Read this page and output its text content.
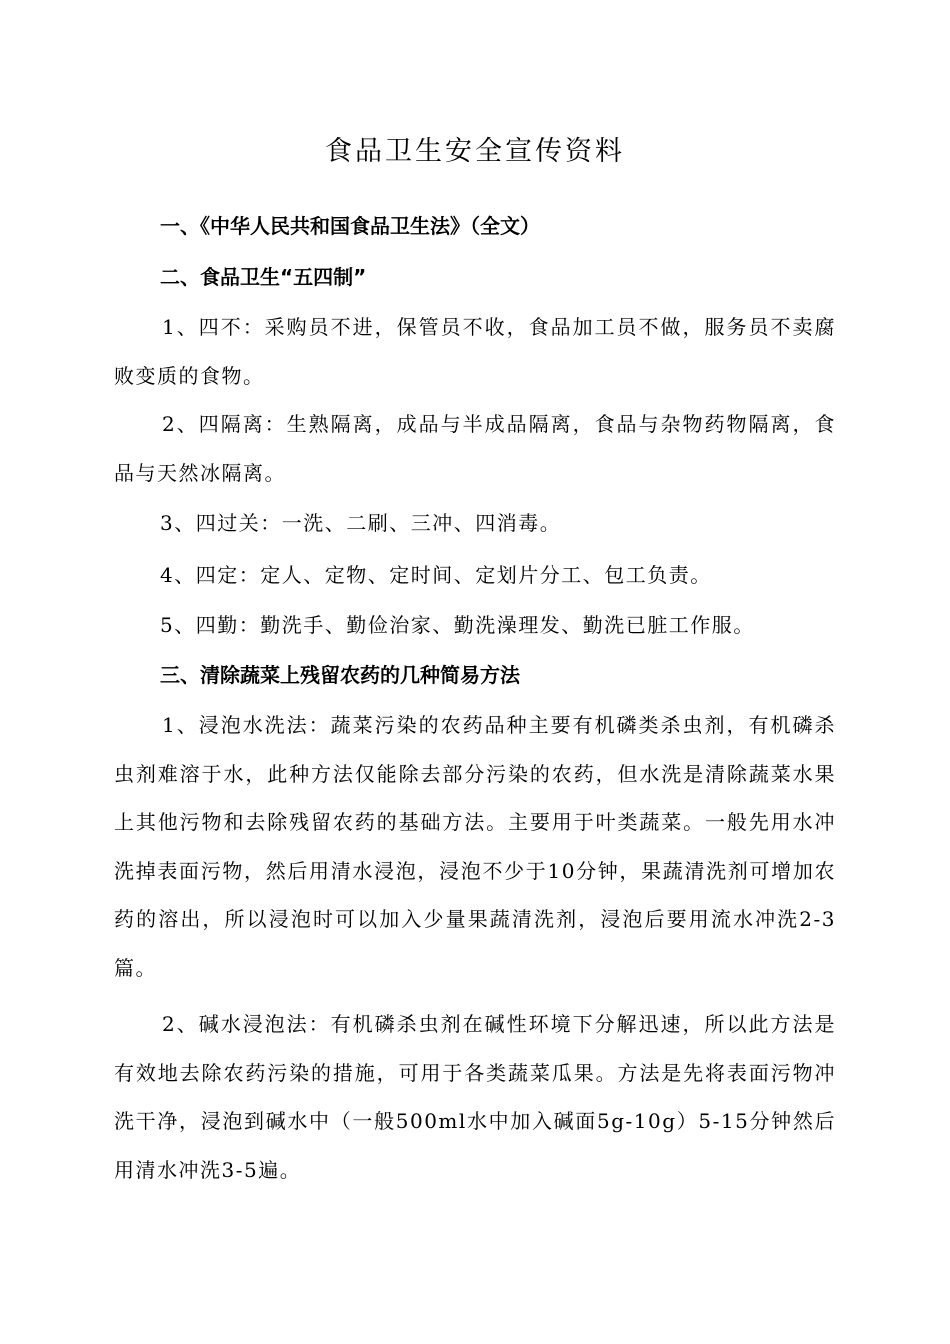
食品卫生安全宣传资料
一、《中华人民共和国食品卫生法》（全文）
二、食品卫生“五四制”
1、四不：采购员不进，保管员不收，食品加工员不做，服务员不卖腐败变质的食物。
2、四隔离：生熟隔离，成品与半成品隔离，食品与杂物药物隔离，食品与天然冰隔离。
3、四过关：一洗、二刷、三冲、四消毒。
4、四定：定人、定物、定时间、定划片分工、包工负责。
5、四勤：勤洗手、勤俭治家、勤洗澡理发、勤洗已脏工作服。
三、清除蔬菜上残留农药的几种简易方法
1、浸泡水洗法：蔬菜污染的农药品种主要有机磷类杀虫剂，有机磷杀虫剂难溶于水，此种方法仅能除去部分污染的农药，但水洗是清除蔬菜水果上其他污物和去除残留农药的基础方法。主要用于叶类蔬菜。一般先用水冲洗掉表面污物，然后用清水浸泡，浸泡不少于10分钟，果蔬清洗剂可增加农药的溶出，所以浸泡时可以加入少量果蔬清洗剂，浸泡后要用流水冲洗2-3篇。
2、碱水浸泡法：有机磷杀虫剂在碱性环境下分解迅速，所以此方法是有效地去除农药污染的措施，可用于各类蔬菜瓜果。方法是先将表面污物冲洗干净，浸泡到碱水中（一般500ml水中加入碱面5g-10g）5-15分钟然后用清水冲洗3-5遍。
